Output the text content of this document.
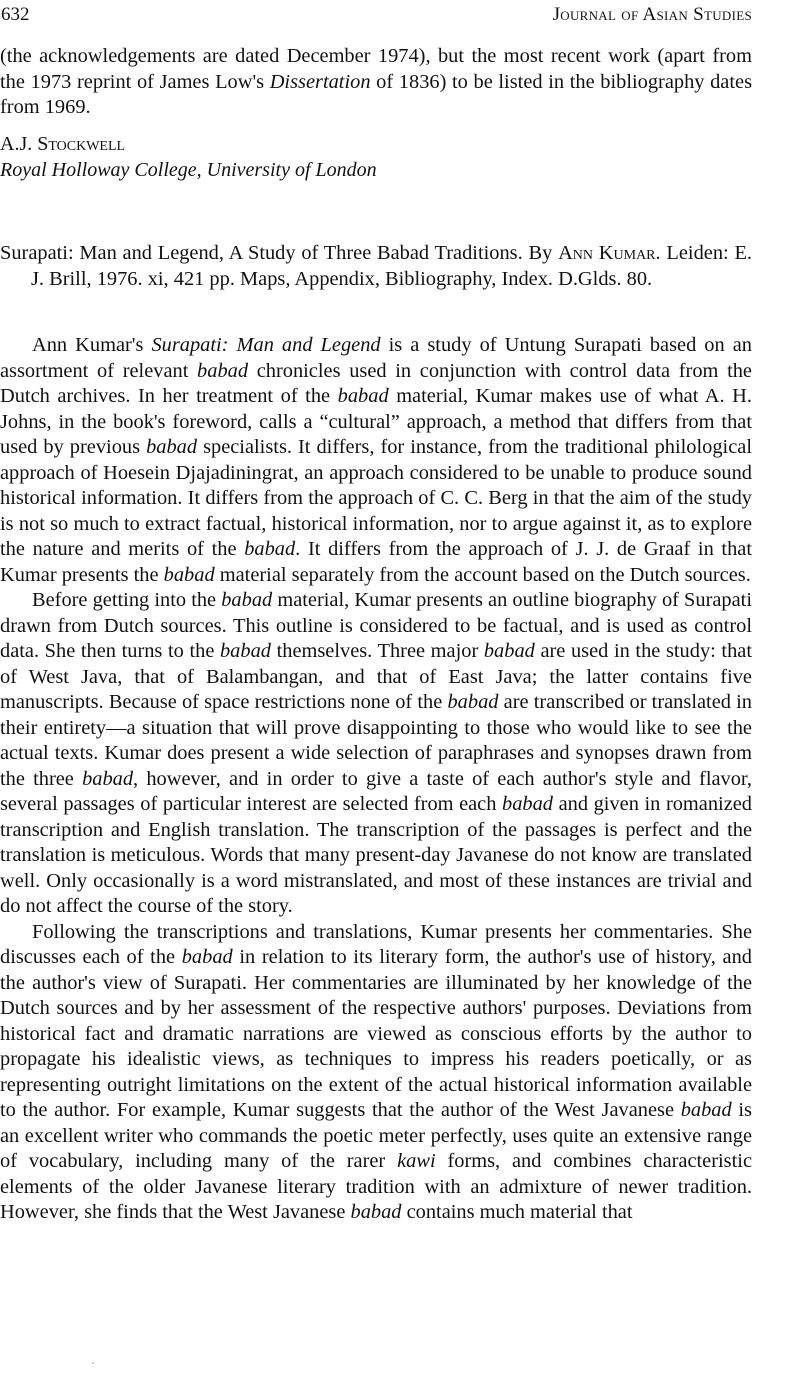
632	Journal of Asian Studies
(the acknowledgements are dated December 1974), but the most recent work (apart from the 1973 reprint of James Low's Dissertation of 1836) to be listed in the bibliography dates from 1969.
A.J. Stockwell
Royal Holloway College, University of London
Surapati: Man and Legend, A Study of Three Babad Traditions. By Ann Kumar. Leiden: E. J. Brill, 1976. xi, 421 pp. Maps, Appendix, Bibliography, Index. D.Glds. 80.

Ann Kumar's Surapati: Man and Legend is a study of Untung Surapati based on an assortment of relevant babad chronicles used in conjunction with control data from the Dutch archives. In her treatment of the babad material, Kumar makes use of what A. H. Johns, in the book's foreword, calls a “cultural” approach, a method that differs from that used by previous babad specialists. It differs, for instance, from the traditional philological approach of Hoesein Djajadiningrat, an approach considered to be unable to produce sound historical information. It differs from the approach of C. C. Berg in that the aim of the study is not so much to extract factual, historical information, nor to argue against it, as to explore the nature and merits of the babad. It differs from the approach of J. J. de Graaf in that Kumar presents the babad material separately from the account based on the Dutch sources.

Before getting into the babad material, Kumar presents an outline biography of Surapati drawn from Dutch sources. This outline is considered to be factual, and is used as control data. She then turns to the babad themselves. Three major babad are used in the study: that of West Java, that of Balambangan, and that of East Java; the latter contains five manuscripts. Because of space restrictions none of the babad are transcribed or translated in their entirety—a situation that will prove disappointing to those who would like to see the actual texts. Kumar does present a wide selection of paraphrases and synopses drawn from the three babad, however, and in order to give a taste of each author's style and flavor, several passages of particular interest are selected from each babad and given in romanized transcription and English translation. The transcription of the passages is perfect and the translation is meticulous. Words that many present-day Javanese do not know are translated well. Only occasionally is a word mistranslated, and most of these instances are trivial and do not affect the course of the story.

Following the transcriptions and translations, Kumar presents her commentaries. She discusses each of the babad in relation to its literary form, the author's use of history, and the author's view of Surapati. Her commentaries are illuminated by her knowledge of the Dutch sources and by her assessment of the respective authors' purposes. Deviations from historical fact and dramatic narrations are viewed as conscious efforts by the author to propagate his idealistic views, as techniques to impress his readers poetically, or as representing outright limitations on the extent of the actual historical information available to the author. For example, Kumar suggests that the author of the West Javanese babad is an excellent writer who commands the poetic meter perfectly, uses quite an extensive range of vocabulary, including many of the rarer kawi forms, and combines characteristic elements of the older Javanese literary tradition with an admixture of newer tradition. However, she finds that the West Javanese babad contains much material that
